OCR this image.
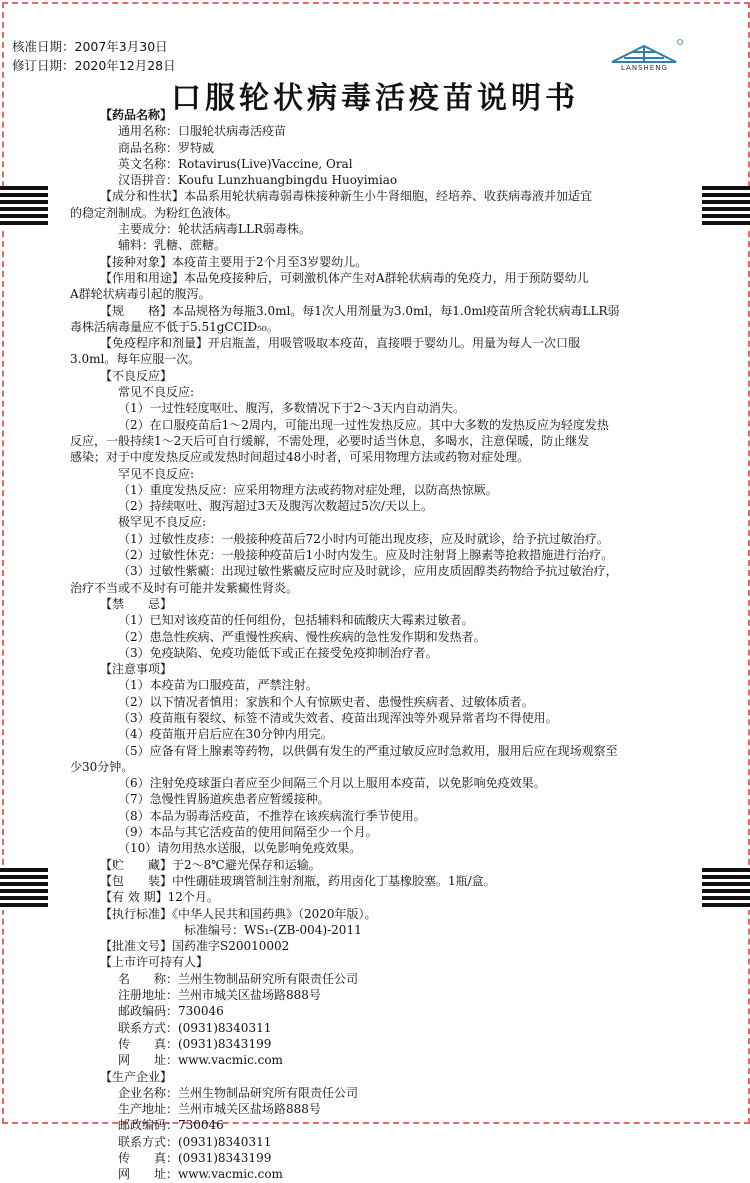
核准日期：2007年3月30日
修订日期：2020年12月28日	LANSHENG
口服轮状病毒活疫苗说明书

【药品名称】

通用名称：口服轮状病毒活疫苗

商品名称：罗特威

英文名称：Rotavirus(Live)Vaccine, Oral

汉语拼音：Koufu Lunzhuangbingdu Huoyimiao

【成分和性状】本品系用轮状病毒弱毒株接种新生小牛肾细胞，经培养、收获病毒液并加适宜

的稳定剂制成。为粉红色液体。

主要成分：轮状活病毒LLR弱毒株。

辅料：乳糖、蔗糖。

【接种对象】本疫苗主要用于2个月至3岁婴幼儿。

【作用和用途】本品免疫接种后，可刺激机体产生对A群轮状病毒的免疫力，用于预防婴幼儿

A群轮状病毒引起的腹泻。

【规　　格】本品规格为每瓶3.0ml。每1次人用剂量为3.0ml，每1.0ml疫苗所含轮状病毒LLR弱

毒株活病毒量应不低于5.51gCCID₅₀。

【免疫程序和剂量】开启瓶盖，用吸管吸取本疫苗，直接喂于婴幼儿。用量为每人一次口服

3.0ml。每年应服一次。

【不良反应】

常见不良反应:

（1）一过性轻度呕吐、腹泻，多数情况下于2～3天内自动消失。

（2）在口服疫苗后1～2周内，可能出现一过性发热反应。其中大多数的发热反应为轻度发热

反应，一般持续1～2天后可自行缓解，不需处理，必要时适当休息，多喝水，注意保暖，防止继发

感染；对于中度发热反应或发热时间超过48小时者，可采用物理方法或药物对症处理。

罕见不良反应:

（1）重度发热反应：应采用物理方法或药物对症处理，以防高热惊厥。

（2）持续呕吐、腹泻超过3天及腹泻次数超过5次/天以上。

极罕见不良反应:

（1）过敏性皮疹：一般接种疫苗后72小时内可能出现皮疹，应及时就诊，给予抗过敏治疗。

（2）过敏性休克：一般接种疫苗后1小时内发生。应及时注射肾上腺素等抢救措施进行治疗。

（3）过敏性紫癜：出现过敏性紫癜反应时应及时就诊，应用皮质固醇类药物给予抗过敏治疗，

治疗不当或不及时有可能并发紫癜性肾炎。

【禁　　忌】

（1）已知对该疫苗的任何组份，包括辅料和硫酸庆大霉素过敏者。

（2）患急性疾病、严重慢性疾病、慢性疾病的急性发作期和发热者。

（3）免疫缺陷、免疫功能低下或正在接受免疫抑制治疗者。

【注意事项】

（1）本疫苗为口服疫苗，严禁注射。

（2）以下情况者慎用：家族和个人有惊厥史者、患慢性疾病者、过敏体质者。

（3）疫苗瓶有裂纹、标签不清或失效者、疫苗出现浑浊等外观异常者均不得使用。

（4）疫苗瓶开启后应在30分钟内用完。

（5）应备有肾上腺素等药物，以供偶有发生的严重过敏反应时急救用，服用后应在现场观察至

少30分钟。

（6）注射免疫球蛋白者应至少间隔三个月以上服用本疫苗，以免影响免疫效果。

（7）急慢性胃肠道疾患者应暂缓接种。

（8）本品为弱毒活疫苗，不推荐在该疾病流行季节使用。

（9）本品与其它活疫苗的使用间隔至少一个月。

（10）请勿用热水送服，以免影响免疫效果。

【贮　　藏】于2～8℃避光保存和运输。

【包　　装】中性硼硅玻璃管制注射剂瓶，药用卤化丁基橡胶塞。1瓶/盒。

【有 效 期】12个月。

【执行标准】《中华人民共和国药典》（2020年版）。

标准编号：WS₁-(ZB-004)-2011

【批准文号】国药准字S20010002

【上市许可持有人】

名　　称：兰州生物制品研究所有限责任公司

注册地址：兰州市城关区盐场路888号

邮政编码：730046

联系方式：(0931)8340311

传　　真：(0931)8343199

网　　址：www.vacmic.com

【生产企业】

企业名称：兰州生物制品研究所有限责任公司

生产地址：兰州市城关区盐场路888号

邮政编码：730046

联系方式：(0931)8340311

传　　真：(0931)8343199

网　　址：www.vacmic.com
